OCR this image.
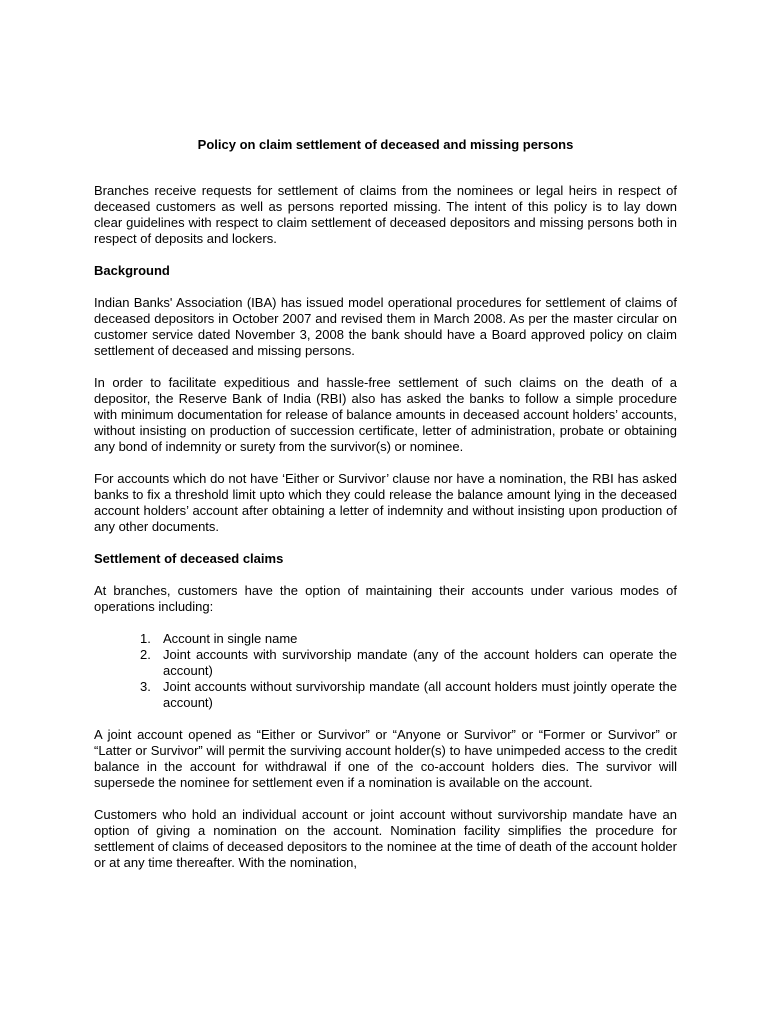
Policy on claim settlement of deceased and missing persons

Branches receive requests for settlement of claims from the nominees or legal heirs in respect of deceased customers as well as persons reported missing. The intent of this policy is to lay down clear guidelines with respect to claim settlement of deceased depositors and missing persons both in respect of deposits and lockers.

Background

Indian Banks' Association (IBA) has issued model operational procedures for settlement of claims of deceased depositors in October 2007 and revised them in March 2008. As per the master circular on customer service dated November 3, 2008 the bank should have a Board approved policy on claim settlement of deceased and missing persons.

In order to facilitate expeditious and hassle-free settlement of such claims on the death of a depositor, the Reserve Bank of India (RBI) also has asked the banks to follow a simple procedure with minimum documentation for release of balance amounts in deceased account holders’ accounts, without insisting on production of succession certificate, letter of administration, probate or obtaining any bond of indemnity or surety from the survivor(s) or nominee.

For accounts which do not have ‘Either or Survivor’ clause nor have a nomination, the RBI has asked banks to fix a threshold limit upto which they could release the balance amount lying in the deceased account holders’ account after obtaining a letter of indemnity and without insisting upon production of any other documents.

Settlement of deceased claims

At branches, customers have the option of maintaining their accounts under various modes of operations including:

1. Account in single name
2. Joint accounts with survivorship mandate (any of the account holders can operate the account)
3. Joint accounts without survivorship mandate (all account holders must jointly operate the account)

A joint account opened as “Either or Survivor” or “Anyone or Survivor” or “Former or Survivor” or “Latter or Survivor” will permit the surviving account holder(s) to have unimpeded access to the credit balance in the account for withdrawal if one of the co-account holders dies. The survivor will supersede the nominee for settlement even if a nomination is available on the account.

Customers who hold an individual account or joint account without survivorship mandate have an option of giving a nomination on the account. Nomination facility simplifies the procedure for settlement of claims of deceased depositors to the nominee at the time of death of the account holder or at any time thereafter. With the nomination,
